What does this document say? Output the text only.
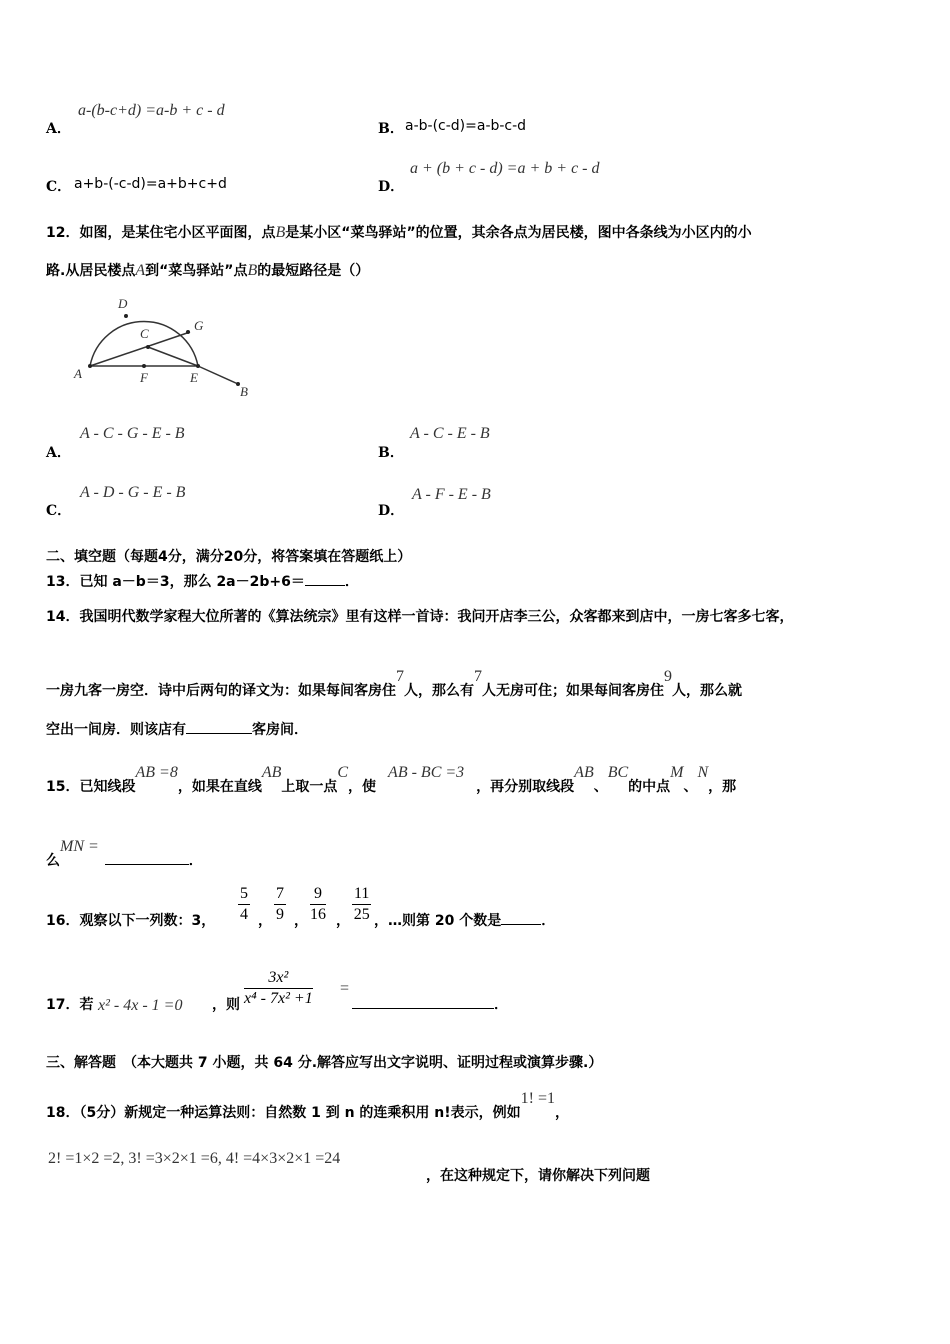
A．
a-(b-c+d) =a-b + c - d
B． a-b-(c-d)=a-b-c-d
C． a+b-(-c-d)=a+b+c+d	D．
a + (b + c - d) =a + b + c - d
12．如图，是某住宅小区平面图，点B是某小区“菜鸟驿站”的位置，其余各点为居民楼，图中各条线为小区内的小
路.从居民楼点A到“菜鸟驿站”点B的最短路径是（）
D
C
G
A	F	E
B
A．
A - C - G - E - B
B．
A - C - E - B
C．
A - D - G - E - B
D．
A - F - E - B
二、填空题（每题4分，满分20分，将答案填在答题纸上）
13．已知 a－b＝3，那么 2a－2b+6＝	．
14．我国明代数学家程大位所著的《算法统宗》里有这样一首诗：我问开店李三公，众客都来到店中，一房七客多七客，
一房九客一房空．诗中后两句的译文为：如果每间客房住$^7$人，那么有$^7$人无房可住；如果每间客房住$^9$人，那么就
空出一间房．则该店有	客房间．
15．已知线段AB =8，如果在直线AB上取一点C，使AB - BC =3，再分别取线段AB、BC的中点M、N，那
么MN =．
16．观察以下一列数：3， $\frac{5}{4}$ ， $\frac{7}{9}$ ， $\frac{9}{16}$ ， $\frac{11}{25}$ ，…则第 20 个数是	．
17．若 x² - 4x - 1 =0 ，则 $\frac{\text{3x²}}{\text{x⁴ - 7x² +1}}$ =
．
三、解答题　（本大题共 7 小题，共 64 分.解答应写出文字说明、证明过程或演算步骤.）
18．（5分）新规定一种运算法则：自然数 1 到 n 的连乘积用 n!表示，例如1! =1，
2! =1×2 =2, 3! =3×2×1 =6, 4! =4×3×2×1 =24
，在这种规定下，请你解决下列问题
